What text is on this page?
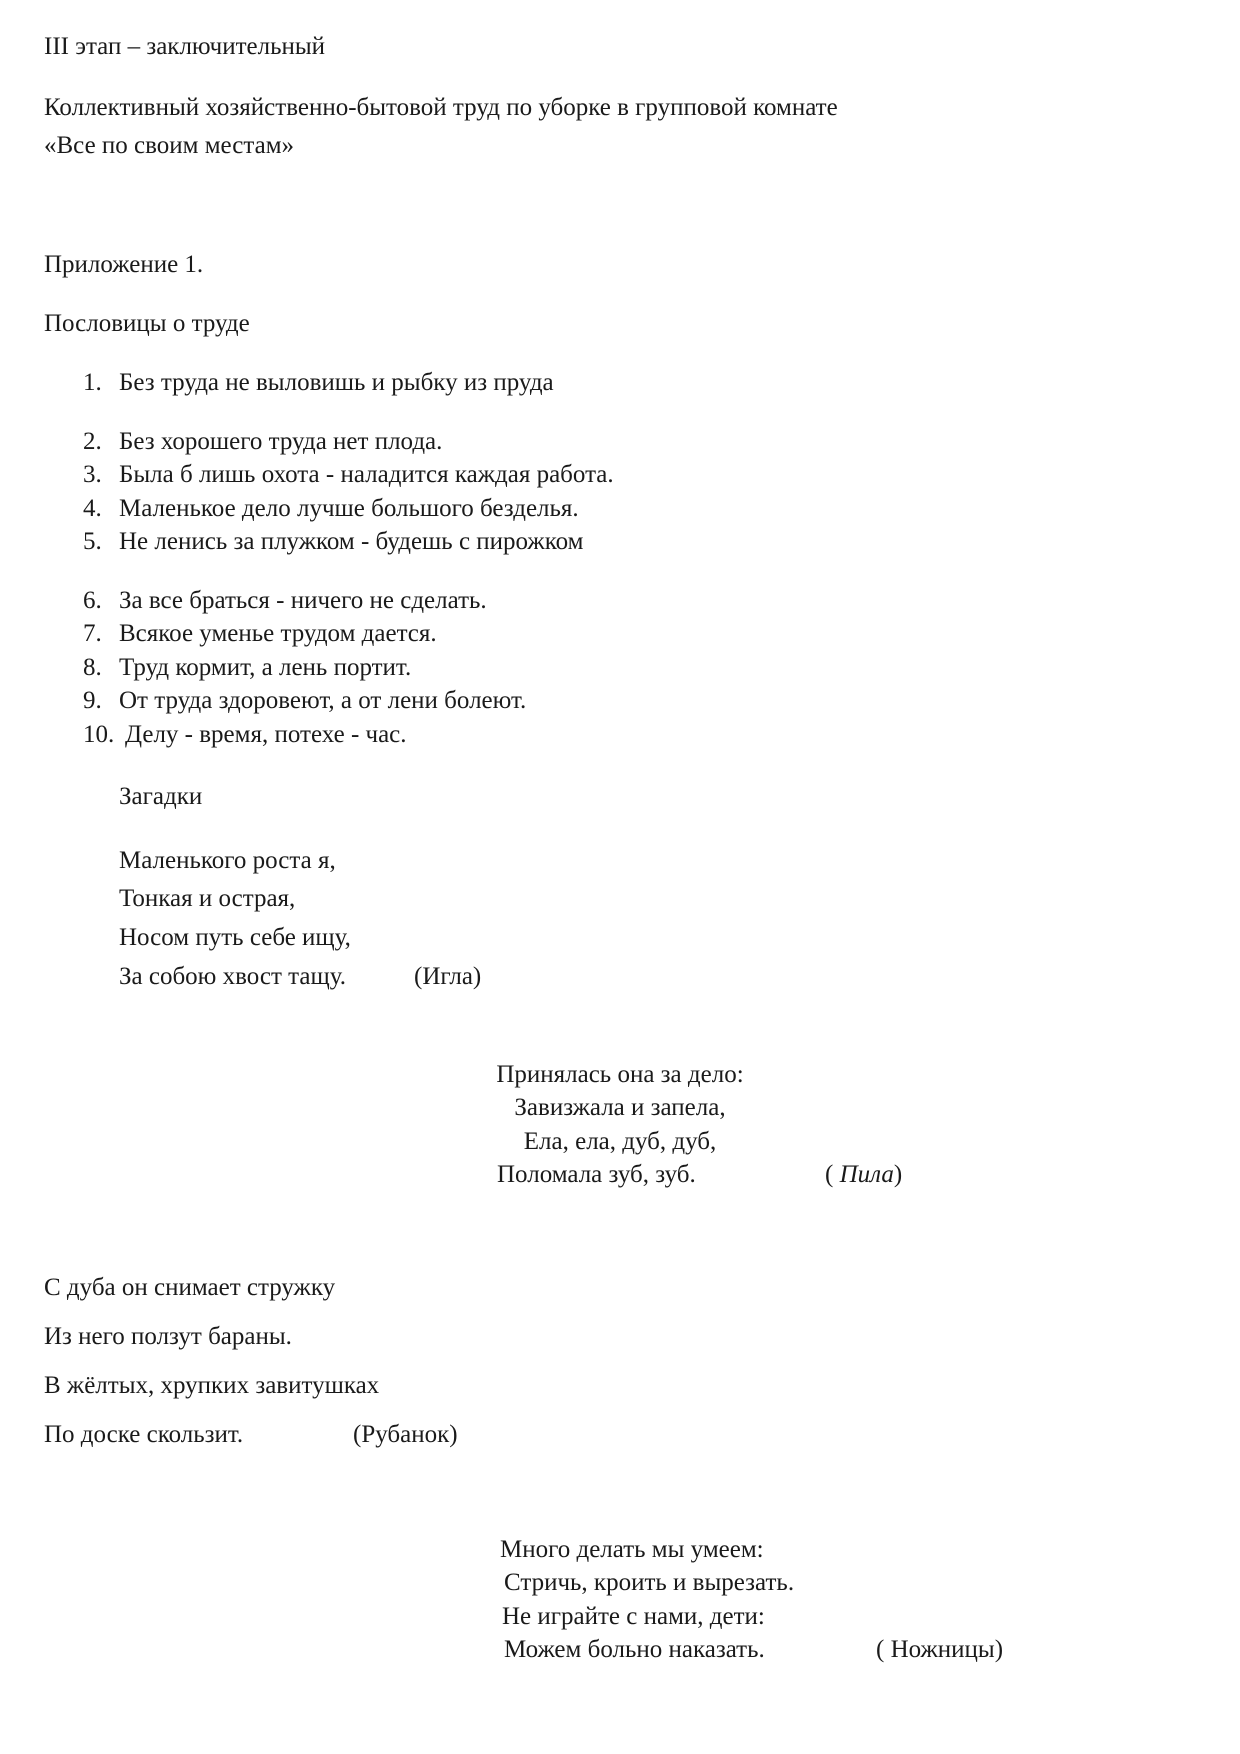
III этап – заключительный

Коллективный хозяйственно-бытовой труд по уборке в групповой комнате

«Все по своим местам»

Приложение 1.

Пословицы о труде

1. Без труда не выловишь и рыбку из пруда
2. Без хорошего труда нет плода.
3. Была б лишь охота - наладится каждая работа.
4. Маленькое дело лучше большого безделья.
5. Не ленись за плужком - будешь с пирожком
6. За все браться - ничего не сделать.
7. Всякое уменье трудом дается.
8. Труд кормит, а лень портит.
9. От труда здоровеют, а от лени болеют.
10. Делу - время, потехе - час.

Загадки

Маленького роста я,

Тонкая и острая,

Носом путь себе ищу,

За собою хвост тащу.	(Игла)

Принялась она за дело:

Завизжала и запела,

Ела, ела, дуб, дуб,

Поломала зуб, зуб.	( Пила)

С дуба он снимает стружку

Из него ползут бараны.

В жёлтых, хрупких завитушках

По доске скользит.	(Рубанок)

Много делать мы умеем:

Стричь, кроить и вырезать.

Не играйте с нами, дети:

Можем больно наказать.	( Ножницы)
